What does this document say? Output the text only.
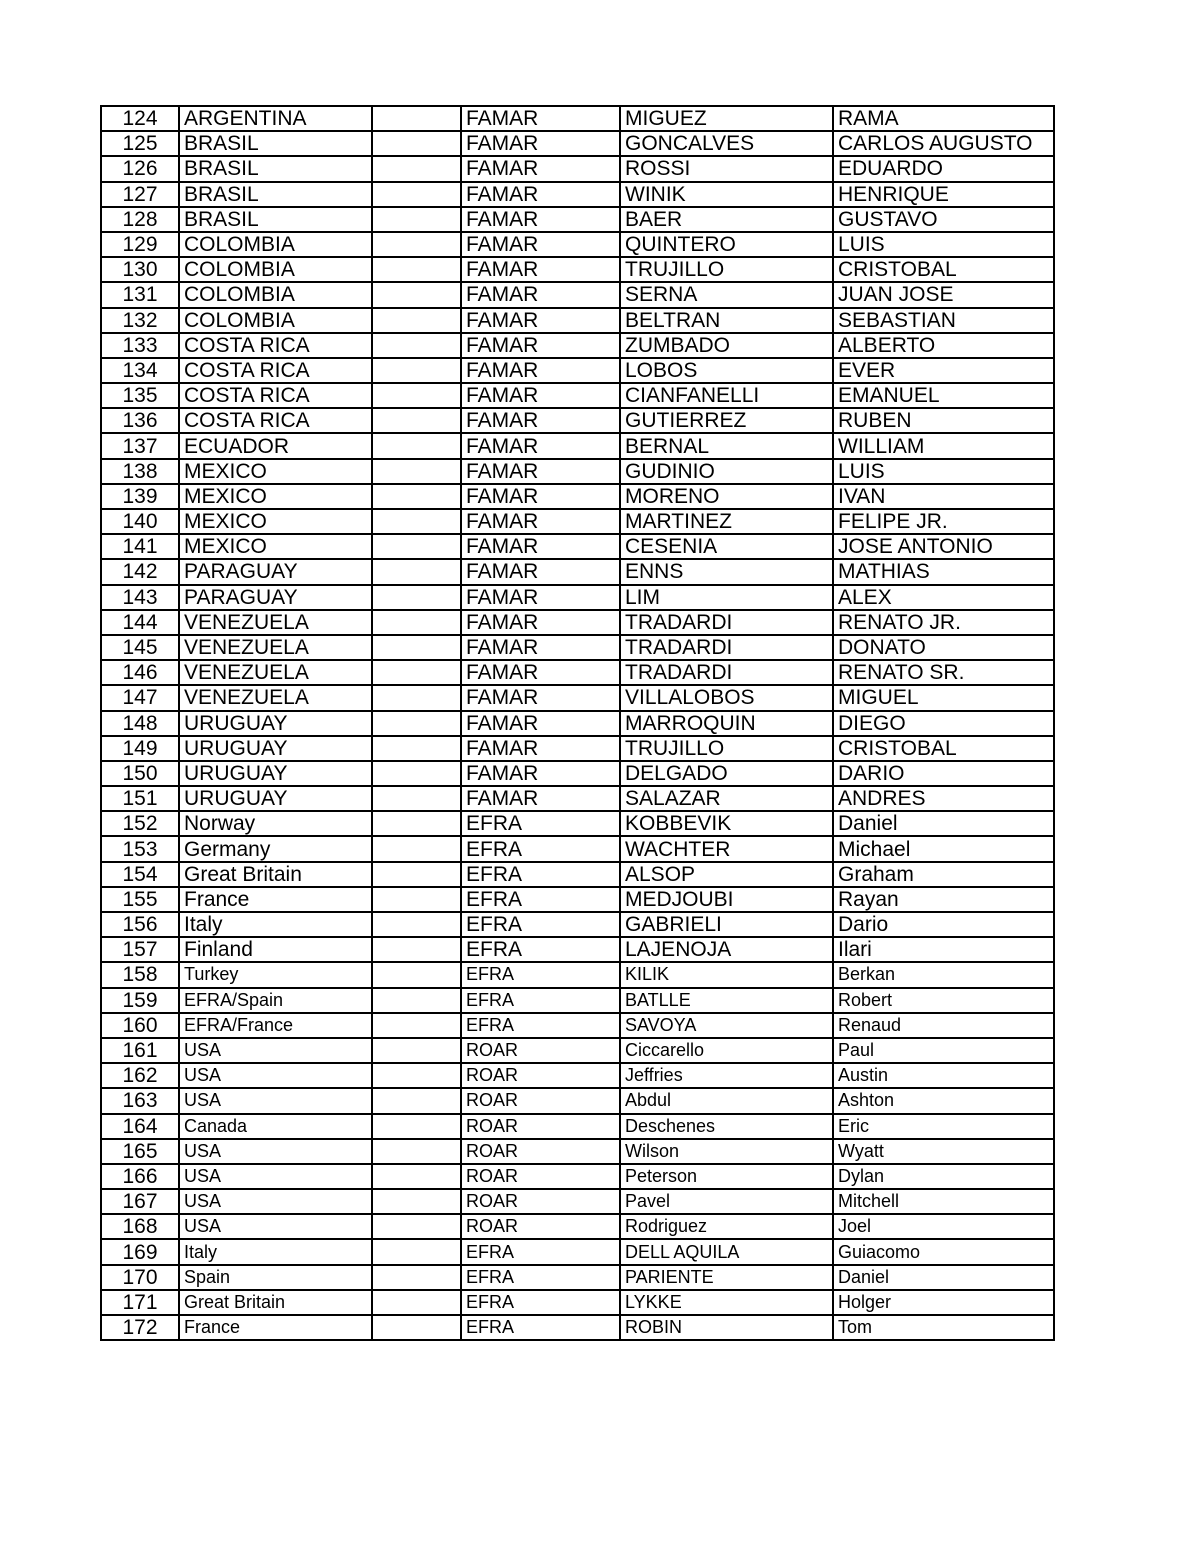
124	ARGENTINA		FAMAR	MIGUEZ	RAMA
125	BRASIL		FAMAR	GONCALVES	CARLOS AUGUSTO
126	BRASIL		FAMAR	ROSSI	EDUARDO
127	BRASIL		FAMAR	WINIK	HENRIQUE
128	BRASIL		FAMAR	BAER	GUSTAVO
129	COLOMBIA		FAMAR	QUINTERO	LUIS
130	COLOMBIA		FAMAR	TRUJILLO	CRISTOBAL
131	COLOMBIA		FAMAR	SERNA	JUAN JOSE
132	COLOMBIA		FAMAR	BELTRAN	SEBASTIAN
133	COSTA RICA		FAMAR	ZUMBADO	ALBERTO
134	COSTA RICA		FAMAR	LOBOS	EVER
135	COSTA RICA		FAMAR	CIANFANELLI	EMANUEL
136	COSTA RICA		FAMAR	GUTIERREZ	RUBEN
137	ECUADOR		FAMAR	BERNAL	WILLIAM
138	MEXICO		FAMAR	GUDINIO	LUIS
139	MEXICO		FAMAR	MORENO	IVAN
140	MEXICO		FAMAR	MARTINEZ	FELIPE JR.
141	MEXICO		FAMAR	CESENIA	JOSE ANTONIO
142	PARAGUAY		FAMAR	ENNS	MATHIAS
143	PARAGUAY		FAMAR	LIM	ALEX
144	VENEZUELA		FAMAR	TRADARDI	RENATO JR.
145	VENEZUELA		FAMAR	TRADARDI	DONATO
146	VENEZUELA		FAMAR	TRADARDI	RENATO SR.
147	VENEZUELA		FAMAR	VILLALOBOS	MIGUEL
148	URUGUAY		FAMAR	MARROQUIN	DIEGO
149	URUGUAY		FAMAR	TRUJILLO	CRISTOBAL
150	URUGUAY		FAMAR	DELGADO	DARIO
151	URUGUAY		FAMAR	SALAZAR	ANDRES
152	Norway		EFRA	KOBBEVIK	Daniel
153	Germany		EFRA	WACHTER	Michael
154	Great Britain		EFRA	ALSOP	Graham
155	France		EFRA	MEDJOUBI	Rayan
156	Italy		EFRA	GABRIELI	Dario
157	Finland		EFRA	LAJENOJA	Ilari
158	Turkey		EFRA	KILIK	Berkan
159	EFRA/Spain		EFRA	BATLLE	Robert
160	EFRA/France		EFRA	SAVOYA	Renaud
161	USA		ROAR	Ciccarello	Paul
162	USA		ROAR	Jeffries	Austin
163	USA		ROAR	Abdul	Ashton
164	Canada		ROAR	Deschenes	Eric
165	USA		ROAR	Wilson	Wyatt
166	USA		ROAR	Peterson	Dylan
167	USA		ROAR	Pavel	Mitchell
168	USA		ROAR	Rodriguez	Joel
169	Italy		EFRA	DELL AQUILA	Guiacomo
170	Spain		EFRA	PARIENTE	Daniel
171	Great Britain		EFRA	LYKKE	Holger
172	France		EFRA	ROBIN	Tom
